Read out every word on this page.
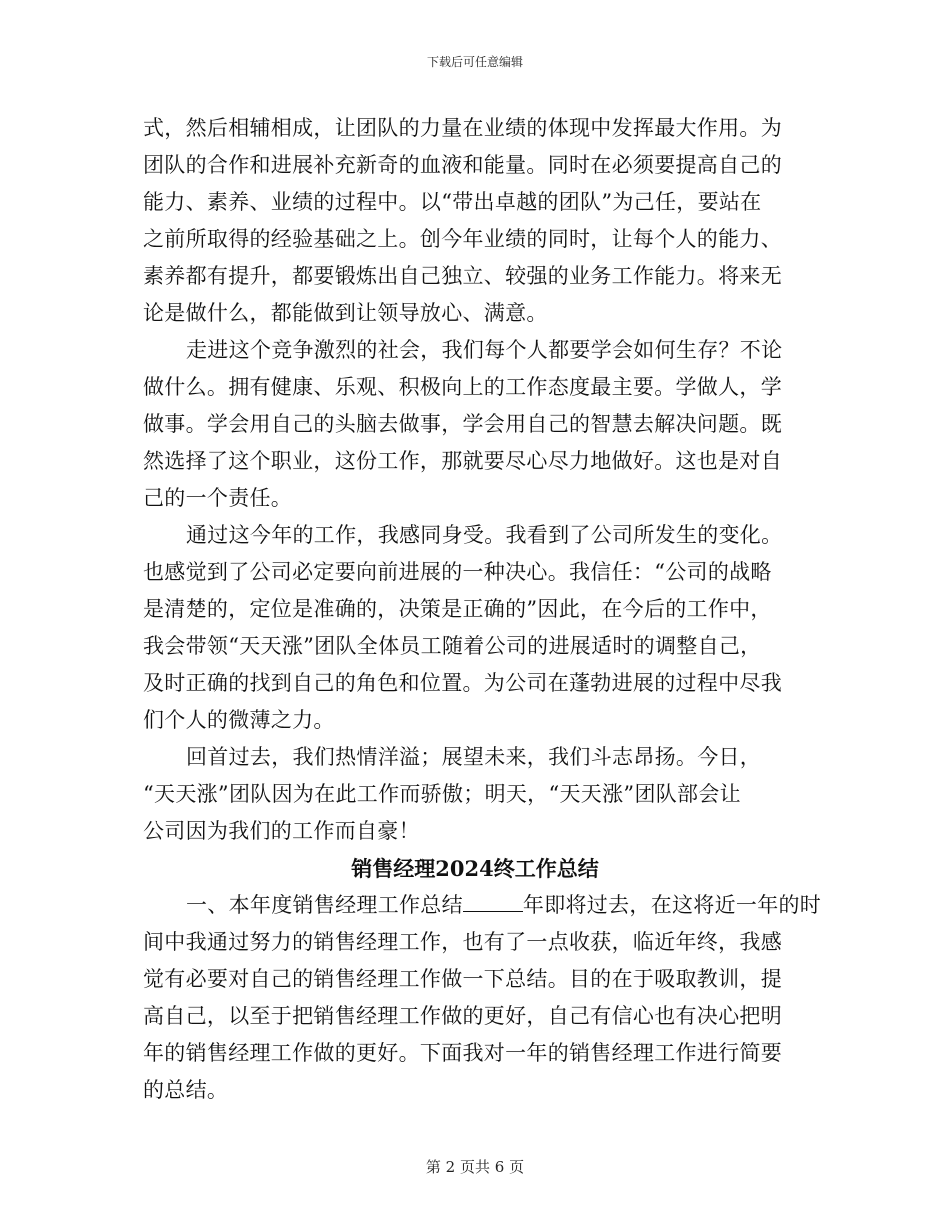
下载后可任意编辑
式，然后相辅相成，让团队的力量在业绩的体现中发挥最大作用。为
团队的合作和进展补充新奇的血液和能量。同时在必须要提高自己的
能力、素养、业绩的过程中。以“带出卓越的团队”为己任，要站在
之前所取得的经验基础之上。创今年业绩的同时，让每个人的能力、
素养都有提升，都要锻炼出自己独立、较强的业务工作能力。将来无
论是做什么，都能做到让领导放心、满意。
走进这个竞争激烈的社会，我们每个人都要学会如何生存？不论
做什么。拥有健康、乐观、积极向上的工作态度最主要。学做人，学
做事。学会用自己的头脑去做事，学会用自己的智慧去解决问题。既
然选择了这个职业，这份工作，那就要尽心尽力地做好。这也是对自
己的一个责任。
通过这今年的工作，我感同身受。我看到了公司所发生的变化。
也感觉到了公司必定要向前进展的一种决心。我信任：“公司的战略
是清楚的，定位是准确的，决策是正确的”因此，在今后的工作中，
我会带领“天天涨”团队全体员工随着公司的进展适时的调整自己，
及时正确的找到自己的角色和位置。为公司在蓬勃进展的过程中尽我
们个人的微薄之力。
回首过去，我们热情洋溢；展望未来，我们斗志昂扬。今日，
“天天涨”团队因为在此工作而骄傲；明天，“天天涨”团队部会让
公司因为我们的工作而自豪！
销售经理2024终工作总结
一、本年度销售经理工作总结	年即将过去，在这将近一年的时
间中我通过努力的销售经理工作，也有了一点收获，临近年终，我感
觉有必要对自己的销售经理工作做一下总结。目的在于吸取教训，提
高自己，以至于把销售经理工作做的更好，自己有信心也有决心把明
年的销售经理工作做的更好。下面我对一年的销售经理工作进行简要
的总结。
第 2 页共 6 页
